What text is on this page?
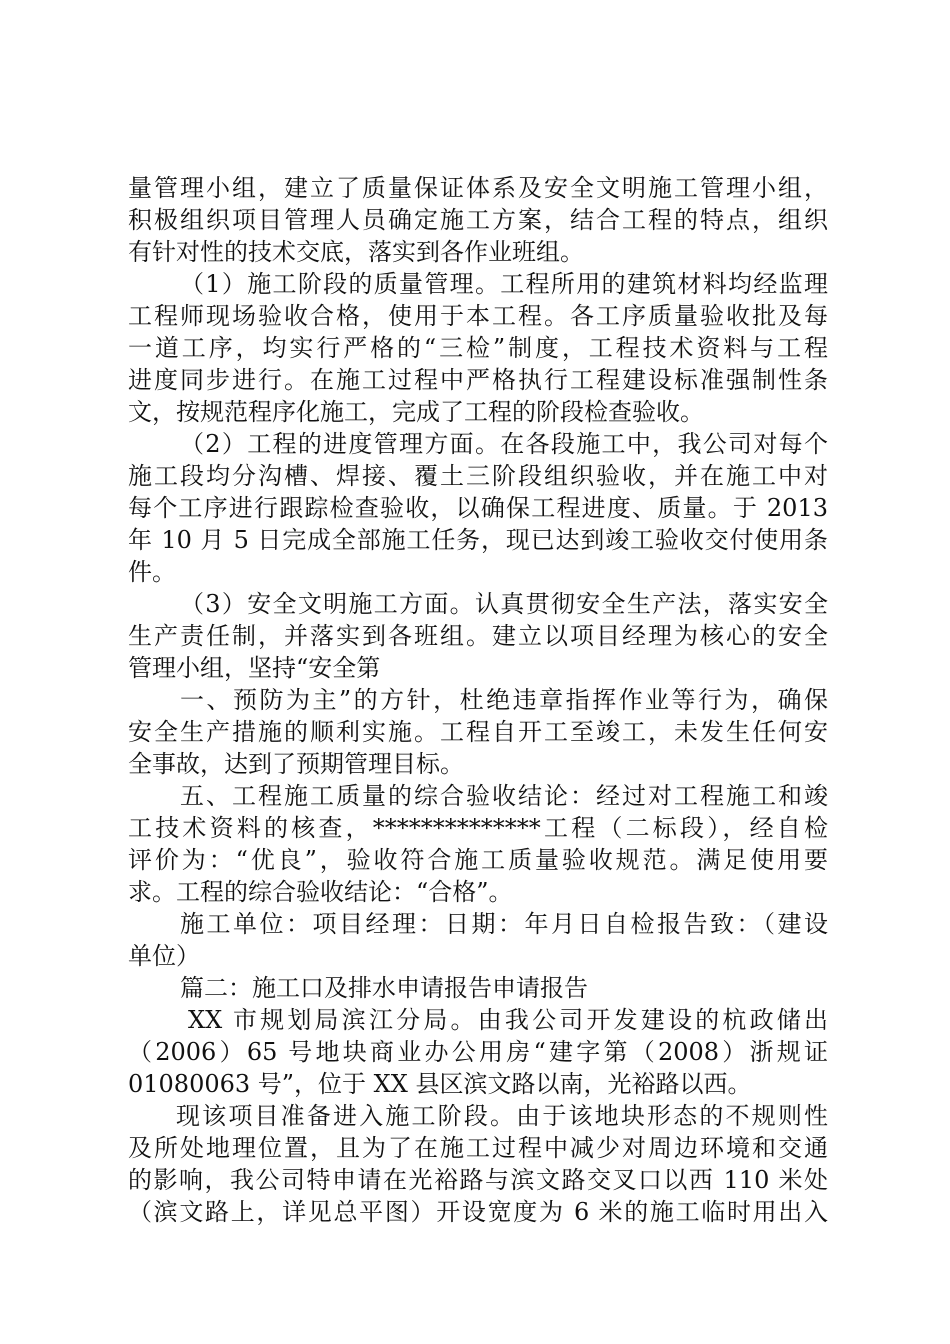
量管理小组，建立了质量保证体系及安全文明施工管理小组，
积极组织项目管理人员确定施工方案，结合工程的特点，组织
有针对性的技术交底，落实到各作业班组。
（1）施工阶段的质量管理。工程所用的建筑材料均经监理
工程师现场验收合格，使用于本工程。各工序质量验收批及每
一道工序，均实行严格的“三检”制度，工程技术资料与工程
进度同步进行。在施工过程中严格执行工程建设标准强制性条
文，按规范程序化施工，完成了工程的阶段检查验收。
（2）工程的进度管理方面。在各段施工中，我公司对每个
施工段均分沟槽、焊接、覆土三阶段组织验收，并在施工中对
每个工序进行跟踪检查验收，以确保工程进度、质量。于 2013
年 10 月 5 日完成全部施工任务，现已达到竣工验收交付使用条
件。
（3）安全文明施工方面。认真贯彻安全生产法，落实安全
生产责任制，并落实到各班组。建立以项目经理为核心的安全
管理小组，坚持“安全第
一、预防为主”的方针，杜绝违章指挥作业等行为，确保
安全生产措施的顺利实施。工程自开工至竣工，未发生任何安
全事故，达到了预期管理目标。
五、工程施工质量的综合验收结论：经过对工程施工和竣
工技术资料的核查，**************工程（二标段），经自检
评价为：“优良”，验收符合施工质量验收规范。满足使用要
求。工程的综合验收结论：“合格”。
施工单位：项目经理：日期：年月日自检报告致：（建设
单位）
篇二：施工口及排水申请报告申请报告
XX 市规划局滨江分局。由我公司开发建设的杭政储出
（2006）65 号地块商业办公用房“建字第（2008）浙规证
01080063 号”，位于 XX 县区滨文路以南，光裕路以西。
现该项目准备进入施工阶段。由于该地块形态的不规则性
及所处地理位置，且为了在施工过程中减少对周边环境和交通
的影响，我公司特申请在光裕路与滨文路交叉口以西 110 米处
（滨文路上，详见总平图）开设宽度为 6 米的施工临时用出入
